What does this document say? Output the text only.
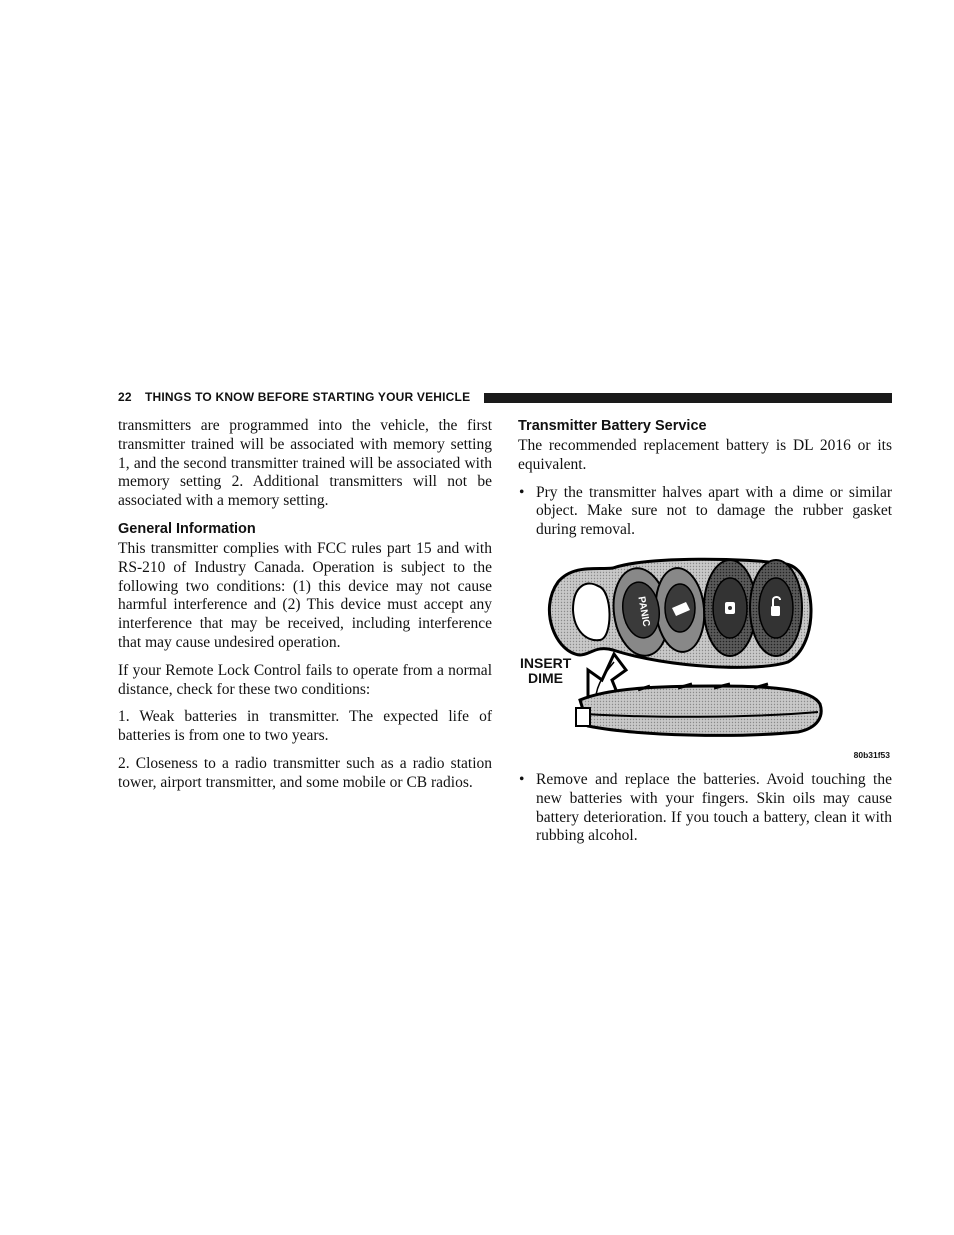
22 THINGS TO KNOW BEFORE STARTING YOUR VEHICLE

transmitters are programmed into the vehicle, the first transmitter trained will be associated with memory setting 1, and the second transmitter trained will be associated with memory setting 2. Additional transmitters will not be associated with a memory setting.

General Information

This transmitter complies with FCC rules part 15 and with RS-210 of Industry Canada. Operation is subject to the following two conditions: (1) this device may not cause harmful interference and (2) This device must accept any interference that may be received, including interference that may cause undesired operation.

If your Remote Lock Control fails to operate from a normal distance, check for these two conditions:

1. Weak batteries in transmitter. The expected life of batteries is from one to two years.

2. Closeness to a radio transmitter such as a radio station tower, airport transmitter, and some mobile or CB radios.

Transmitter Battery Service

The recommended replacement battery is DL 2016 or its equivalent.

• Pry the transmitter halves apart with a dime or similar object. Make sure not to damage the rubber gasket during removal.
PANIC
INSERT
DIME
80b31f53
• Remove and replace the batteries. Avoid touching the new batteries with your fingers. Skin oils may cause battery deterioration. If you touch a battery, clean it with rubbing alcohol.
